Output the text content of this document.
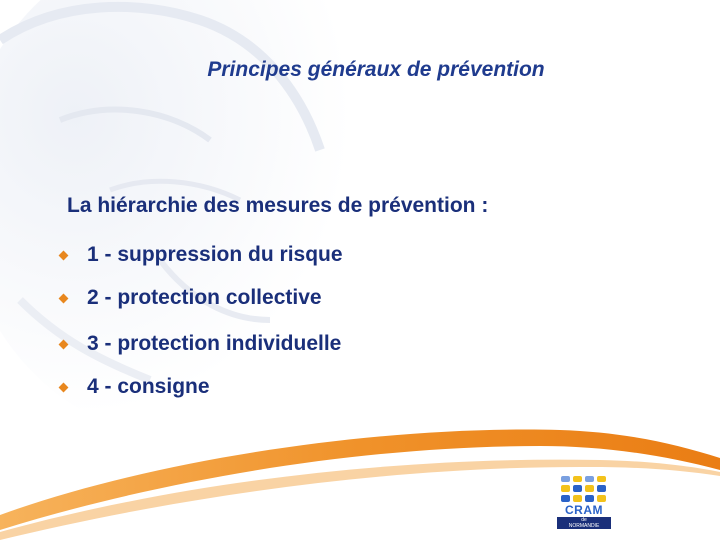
Principes généraux de prévention
La hiérarchie des mesures de prévention :
1 - suppression du risque
2 - protection collective
3 - protection individuelle
4 - consigne
CRAM
de
NORMANDIE
